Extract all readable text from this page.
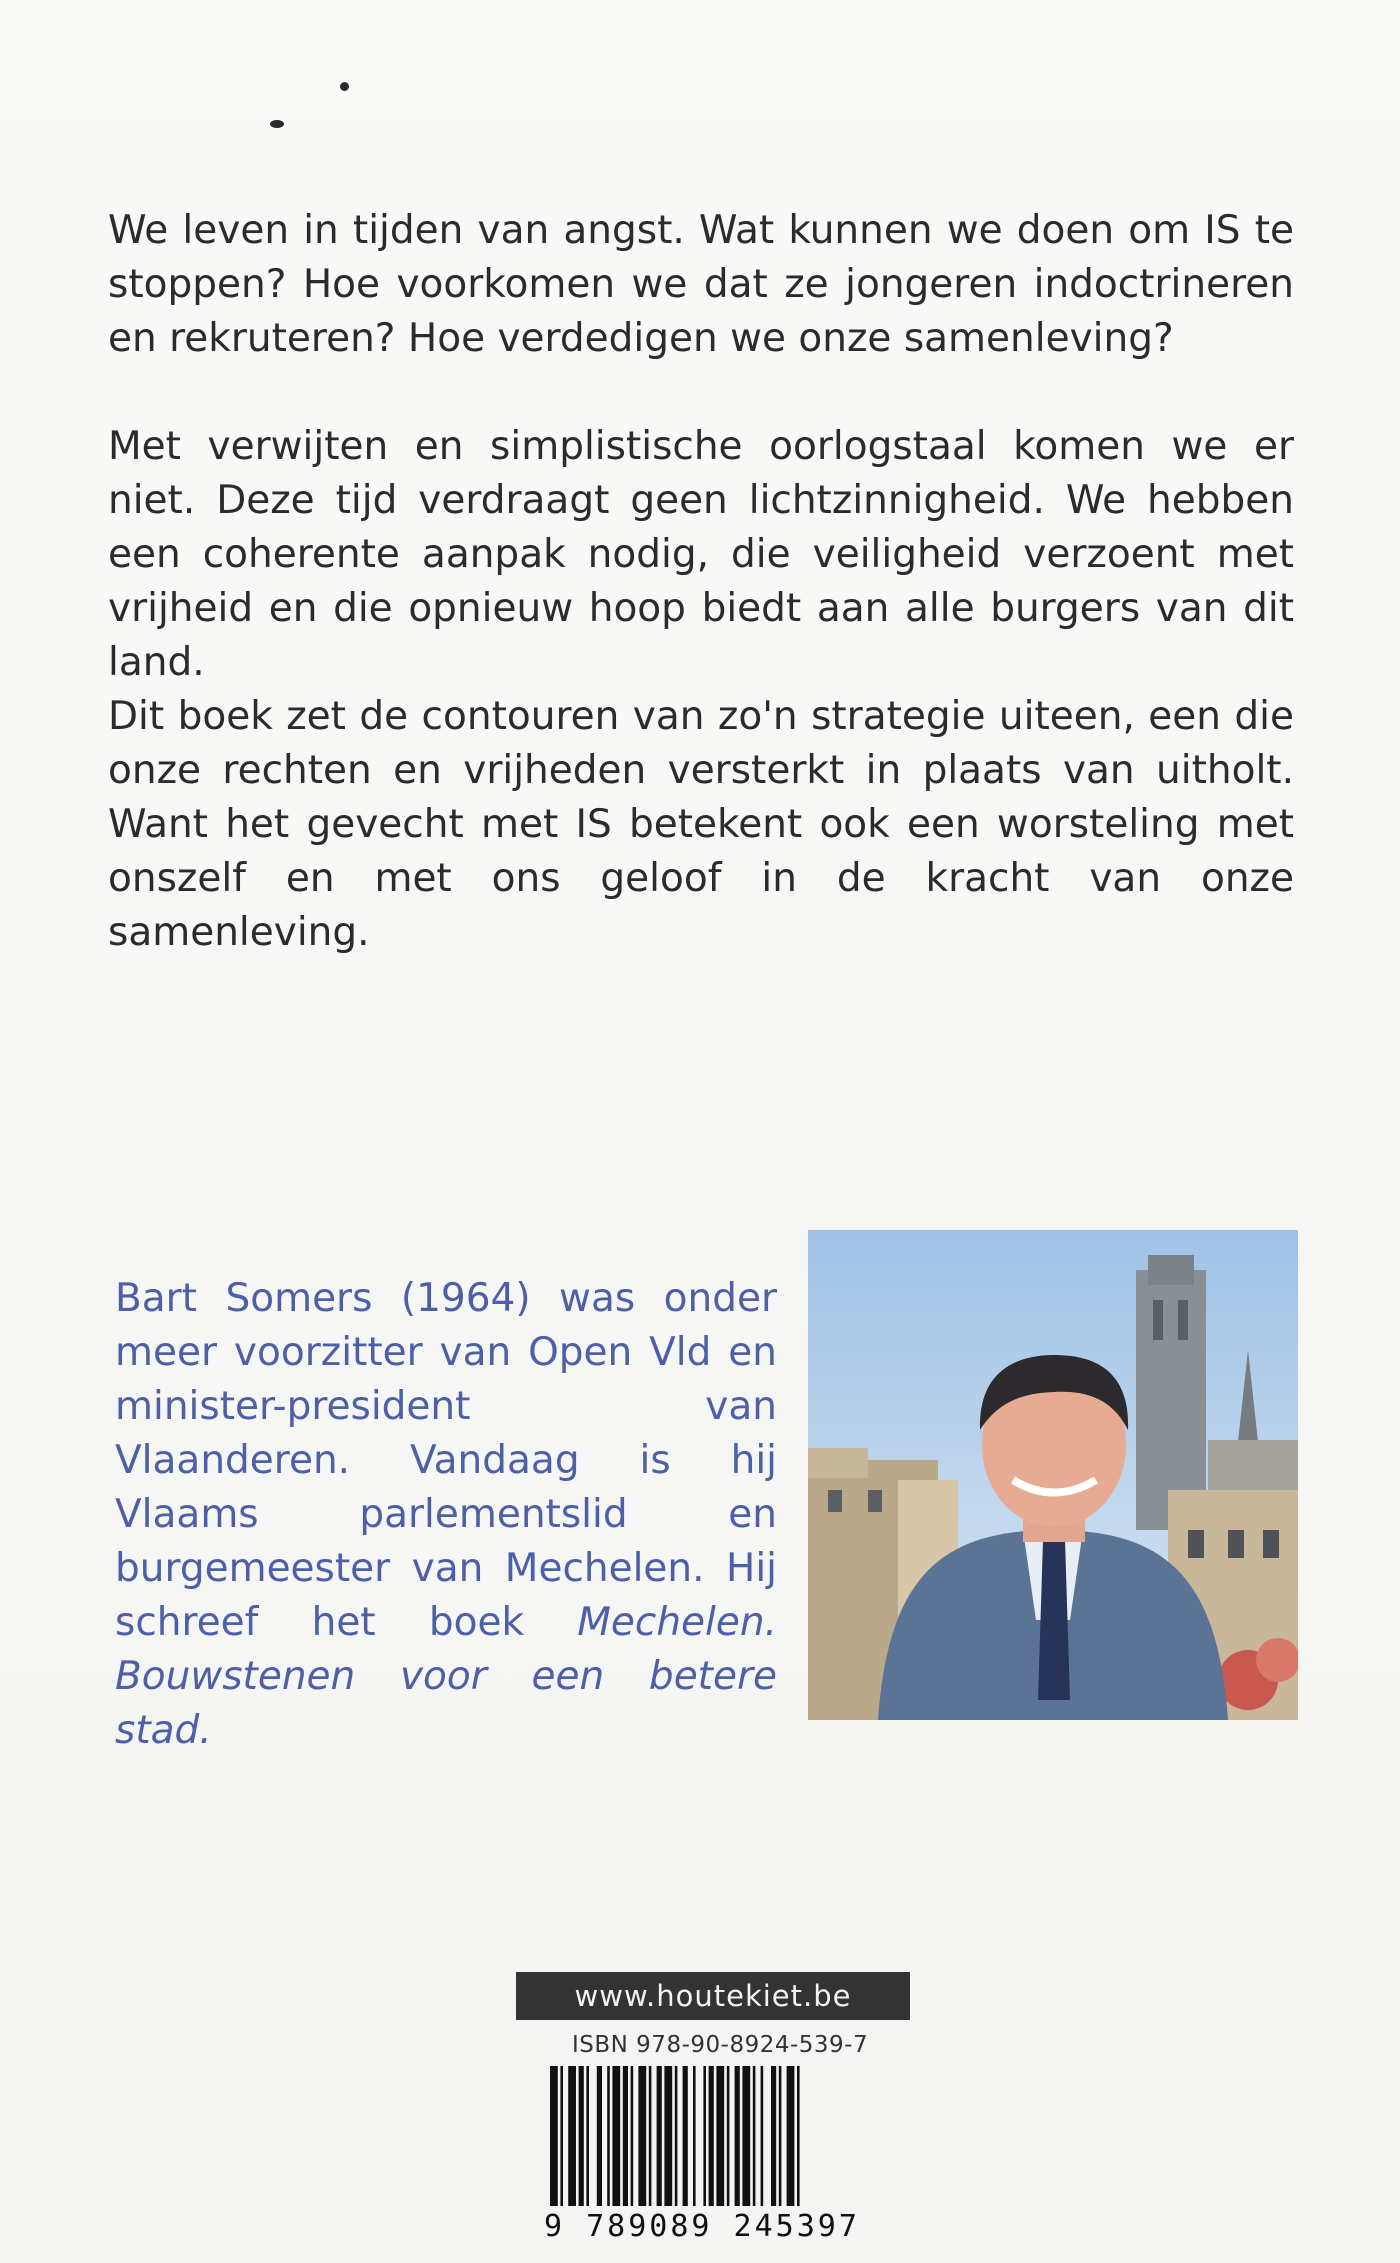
We leven in tijden van angst. Wat kunnen we doen om IS te stoppen? Hoe voorkomen we dat ze jongeren indoctrineren en rekruteren? Hoe verdedigen we onze samenleving?

Met verwijten en simplistische oorlogstaal komen we er niet. Deze tijd verdraagt geen lichtzinnigheid. We hebben een coherente aanpak nodig, die veiligheid verzoent met vrijheid en die opnieuw hoop biedt aan alle burgers van dit land.

Dit boek zet de contouren van zo'n strategie uiteen, een die onze rechten en vrijheden versterkt in plaats van uitholt. Want het gevecht met IS betekent ook een worsteling met onszelf en met ons geloof in de kracht van onze samenleving.

Bart Somers (1964) was onder meer voorzitter van Open Vld en minister-president van Vlaanderen. Vandaag is hij Vlaams parlementslid en burgemeester van Mechelen. Hij schreef het boek Mechelen. Bouwstenen voor een betere stad.

www.houtekiet.be
ISBN 978-90-8924-539-7
9 789089 245397
